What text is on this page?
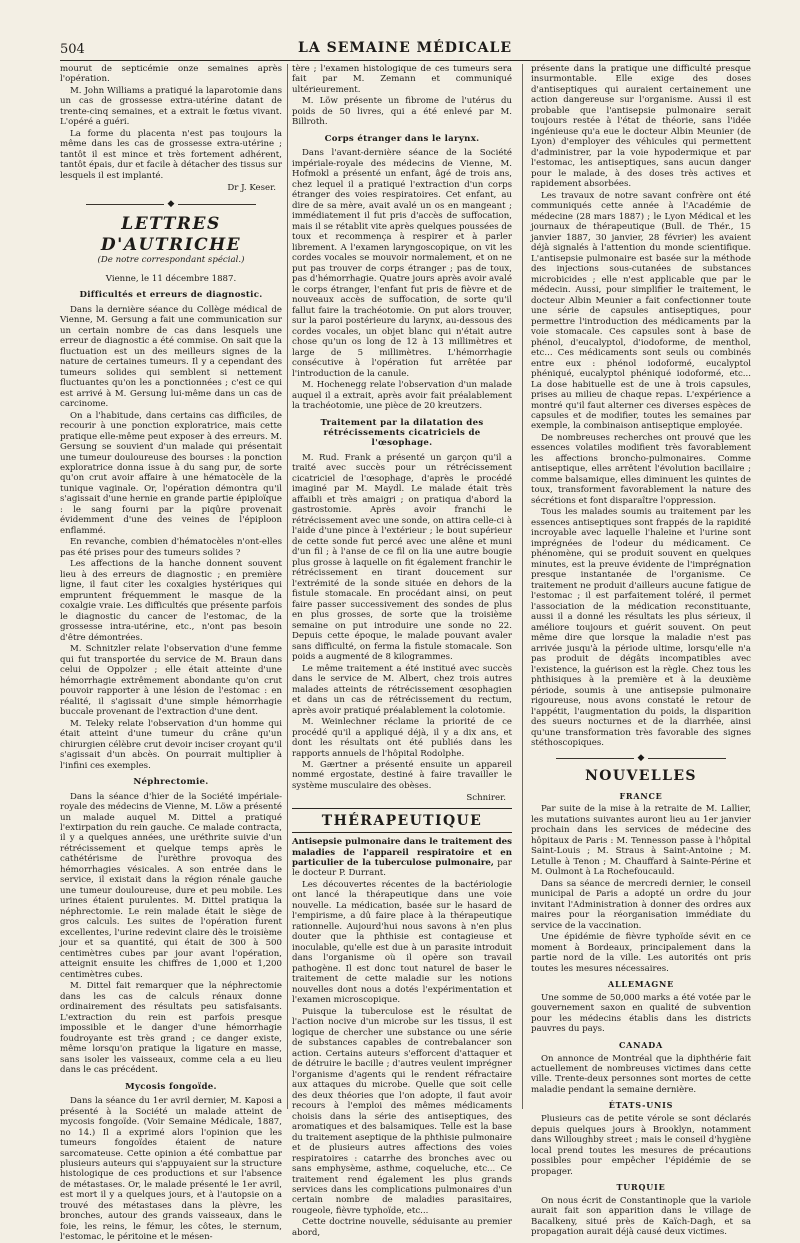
504	LA SEMAINE MÉDICALE

mourut de septicémie onze semaines après l'opération.

M. John Williams a pratiqué la laparotomie dans un cas de grossesse extra-utérine datant de trente-cinq semaines, et a extrait le fœtus vivant. L'opéré a guéri.

La forme du placenta n'est pas toujours la même dans les cas de grossesse extra-utérine ; tantôt il est mince et très fortement adhérent, tantôt épais, dur et facile à détacher des tissus sur lesquels il est implanté.

Dr J. Keser.
◆
LETTRES D'AUTRICHE
(De notre correspondant spécial.)
Vienne, le 11 décembre 1887.
Difficultés et erreurs de diagnostic.

Dans la dernière séance du Collège médical de Vienne, M. Gersung a fait une communication sur un certain nombre de cas dans lesquels une erreur de diagnostic a été commise. On sait que la fluctuation est un des meilleurs signes de la nature de certaines tumeurs. Il y a cependant des tumeurs solides qui semblent si nettement fluctuantes qu'on les a ponctionnées ; c'est ce qui est arrivé à M. Gersung lui-même dans un cas de carcinome.

On a l'habitude, dans certains cas difficiles, de recourir à une ponction exploratrice, mais cette pratique elle-même peut exposer à des erreurs. M. Gersung se souvient d'un malade qui présentait une tumeur douloureuse des bourses : la ponction exploratrice donna issue à du sang pur, de sorte qu'on crut avoir affaire à une hématocèle de la tunique vaginale. Or, l'opération démontra qu'il s'agissait d'une hernie en grande partie épiploïque : le sang fourni par la piqûre provenait évidemment d'une des veines de l'épiploon enflammé.

En revanche, combien d'hématocèles n'ont-elles pas été prises pour des tumeurs solides ?

Les affections de la hanche donnent souvent lieu à des erreurs de diagnostic ; en première ligne, il faut citer les coxalgies hystériques qui empruntent fréquemment le masque de la coxalgie vraie. Les difficultés que présente parfois le diagnostic du cancer de l'estomac, de la grossesse intra-utérine, etc., n'ont pas besoin d'être démontrées.

M. Schnitzler relate l'observation d'une femme qui fut transportée du service de M. Braun dans celui de Oppolzer ; elle était atteinte d'une hémorrhagie extrêmement abondante qu'on crut pouvoir rapporter à une lésion de l'estomac : en réalité, il s'agissait d'une simple hémorrhagie buccale provenant de l'extraction d'une dent.

M. Teleky relate l'observation d'un homme qui était atteint d'une tumeur du crâne qu'un chirurgien célèbre crut devoir inciser croyant qu'il s'agissait d'un abcès. On pourrait multiplier à l'infini ces exemples.

Néphrectomie.

Dans la séance d'hier de la Société impériale-royale des médecins de Vienne, M. Löw a présenté un malade auquel M. Dittel a pratiqué l'extirpation du rein gauche. Ce malade contracta, il y a quelques années, une uréthrite suivie d'un rétrécissement et quelque temps après le cathétérisme de l'urèthre provoqua des hémorrhagies vésicales. A son entrée dans le service, il existait dans la région rénale gauche une tumeur douloureuse, dure et peu mobile. Les urines étaient purulentes. M. Dittel pratiqua la néphrectomie. Le rein malade était le siège de gros calculs. Les suites de l'opération furent excellentes, l'urine redevint claire dès le troisième jour et sa quantité, qui était de 300 à 500 centimètres cubes par jour avant l'opération, atteignit ensuite les chiffres de 1,000 et 1,200 centimètres cubes.

M. Dittel fait remarquer que la néphrectomie dans les cas de calculs rénaux donne ordinairement des résultats peu satisfaisants. L'extraction du rein est parfois presque impossible et le danger d'une hémorrhagie foudroyante est très grand ; ce danger existe, même lorsqu'on pratique la ligature en masse, sans isoler les vaisseaux, comme cela a eu lieu dans le cas précédent.

Mycosis fongoïde.

Dans la séance du 1er avril dernier, M. Kaposi a présenté à la Société un malade atteint de mycosis fongoïde. (Voir Semaine Médicale, 1887, no 14.) Il a exprimé alors l'opinion que les tumeurs fongoïdes étaient de nature sarcomateuse. Cette opinion a été combattue par plusieurs auteurs qui s'appuyaient sur la structure histologique de ces productions et sur l'absence de métastases. Or, le malade présenté le 1er avril, est mort il y a quelques jours, et à l'autopsie on a trouvé des métastases dans la plèvre, les bronches, autour des grands vaisseaux, dans le foie, les reins, le fémur, les côtes, le sternum, l'estomac, le péritoine et le mésen-

tère ; l'examen histologique de ces tumeurs sera fait par M. Zemann et communiqué ultérieurement.

M. Löw présente un fibrome de l'utérus du poids de 50 livres, qui a été enlevé par M. Billroth.

Corps étranger dans le larynx.

Dans l'avant-dernière séance de la Société impériale-royale des médecins de Vienne, M. Hofmokl a présenté un enfant, âgé de trois ans, chez lequel il a pratiqué l'extraction d'un corps étranger des voies respiratoires. Cet enfant, au dire de sa mère, avait avalé un os en mangeant ; immédiatement il fut pris d'accès de suffocation, mais il se rétablit vite après quelques poussées de toux et recommença à respirer et à parler librement. A l'examen laryngoscopique, on vit les cordes vocales se mouvoir normalement, et on ne put pas trouver de corps étranger ; pas de toux, pas d'hémorrhagie. Quatre jours après avoir avalé le corps étranger, l'enfant fut pris de fièvre et de nouveaux accès de suffocation, de sorte qu'il fallut faire la trachéotomie. On put alors trouver, sur la paroi postérieure du larynx, au-dessous des cordes vocales, un objet blanc qui n'était autre chose qu'un os long de 12 à 13 millimètres et large de 5 millimètres. L'hémorrhagie consécutive à l'opération fut arrêtée par l'introduction de la canule.

M. Hochenegg relate l'observation d'un malade auquel il a extrait, après avoir fait préalablement la trachéotomie, une pièce de 20 kreutzers.

Traitement par la dilatation des rétrécissements cicatriciels de l'œsophage.

M. Rud. Frank a présenté un garçon qu'il a traité avec succès pour un rétrécissement cicatriciel de l'œsophage, d'après le procédé imaginé par M. Maydl. Le malade était très affaibli et très amaigri ; on pratiqua d'abord la gastrostomie. Après avoir franchi le rétrécissement avec une sonde, on attira celle-ci à l'aide d'une pince à l'extérieur ; le bout supérieur de cette sonde fut percé avec une alêne et muni d'un fil ; à l'anse de ce fil on lia une autre bougie plus grosse à laquelle on fit également franchir le rétrécissement en tirant doucement sur l'extrémité de la sonde située en dehors de la fistule stomacale. En procédant ainsi, on peut faire passer successivement des sondes de plus en plus grosses, de sorte que la troisième semaine on put introduire une sonde no 22. Depuis cette époque, le malade pouvant avaler sans difficulté, on ferma la fistule stomacale. Son poids a augmenté de 8 kilogrammes.

Le même traitement a été institué avec succès dans le service de M. Albert, chez trois autres malades atteints de rétrécissement œsophagien et dans un cas de rétrécissement du rectum, après avoir pratiqué préalablement la colotomie.

M. Weinlechner réclame la priorité de ce procédé qu'il a appliqué déjà, il y a dix ans, et dont les résultats ont été publiés dans les rapports annuels de l'hôpital Rodolphe.

M. Gærtner a présenté ensuite un appareil nommé ergostate, destiné à faire travailler le système musculaire des obèses.

Schnirer.
THÉRAPEUTIQUE

Antisepsie pulmonaire dans le traitement des maladies de l'appareil respiratoire et en particulier de la tuberculose pulmonaire, par le docteur P. Durrant.

Les découvertes récentes de la bactériologie ont lancé la thérapeutique dans une voie nouvelle. La médication, basée sur le hasard de l'empirisme, a dû faire place à la thérapeutique rationnelle. Aujourd'hui nous savons à n'en plus douter que la phthisie est contagieuse et inoculable, qu'elle est due à un parasite introduit dans l'organisme où il opère son travail pathogène. Il est donc tout naturel de baser le traitement de cette maladie sur les notions nouvelles dont nous a dotés l'expérimentation et l'examen microscopique.

Puisque la tuberculose est le résultat de l'action nocive d'un microbe sur les tissus, il est logique de chercher une substance ou une série de substances capables de contrebalancer son action. Certains auteurs s'efforcent d'attaquer et de détruire le bacille ; d'autres veulent imprégner l'organisme d'agents qui le rendent réfractaire aux attaques du microbe. Quelle que soit celle des deux théories que l'on adopte, il faut avoir recours à l'emploi des mêmes médicaments choisis dans la série des antiseptiques, des aromatiques et des balsamiques. Telle est la base du traitement aseptique de la phthisie pulmonaire et de plusieurs autres affections des voies respiratoires : catarrhe des bronches avec ou sans emphysème, asthme, coqueluche, etc... Ce traitement rend également les plus grands services dans les complications pulmonaires d'un certain nombre de maladies parasitaires, rougeole, fièvre typhoïde, etc...

Cette doctrine nouvelle, séduisante au premier abord,

présente dans la pratique une difficulté presque insurmontable. Elle exige des doses d'antiseptiques qui auraient certainement une action dangereuse sur l'organisme. Aussi il est probable que l'antisepsie pulmonaire serait toujours restée à l'état de théorie, sans l'idée ingénieuse qu'a eue le docteur Albin Meunier (de Lyon) d'employer des véhicules qui permettent d'administrer, par la voie hypodermique et par l'estomac, les antiseptiques, sans aucun danger pour le malade, à des doses très actives et rapidement absorbées.

Les travaux de notre savant confrère ont été communiqués cette année à l'Académie de médecine (28 mars 1887) ; le Lyon Médical et les journaux de thérapeutique (Bull. de Thér., 15 janvier 1887, 30 janvier, 28 février) les avaient déjà signalés à l'attention du monde scientifique. L'antisepsie pulmonaire est basée sur la méthode des injections sous-cutanées de substances microbicides ; elle n'est applicable que par le médecin. Aussi, pour simplifier le traitement, le docteur Albin Meunier a fait confectionner toute une série de capsules antiseptiques, pour permettre l'introduction des médicaments par la voie stomacale. Ces capsules sont à base de phénol, d'eucalyptol, d'iodoforme, de menthol, etc... Ces médicaments sont seuls ou combinés entre eux : phénol iodoformé, eucalyptol phéniqué, eucalyptol phéniqué iodoformé, etc... La dose habituelle est de une à trois capsules, prises au milieu de chaque repas. L'expérience a montré qu'il faut alterner ces diverses espèces de capsules et de modifier, toutes les semaines par exemple, la combinaison antiseptique employée.

De nombreuses recherches ont prouvé que les essences volatiles modifient très favorablement les affections broncho-pulmonaires. Comme antiseptique, elles arrêtent l'évolution bacillaire ; comme balsamique, elles diminuent les quintes de toux, transforment favorablement la nature des sécrétions et font disparaître l'oppression.

Tous les malades soumis au traitement par les essences antiseptiques sont frappés de la rapidité incroyable avec laquelle l'haleine et l'urine sont imprégnées de l'odeur du médicament. Ce phénomène, qui se produit souvent en quelques minutes, est la preuve évidente de l'imprégnation presque instantanée de l'organisme. Ce traitement ne produit d'ailleurs aucune fatigue de l'estomac ; il est parfaitement toléré, il permet l'association de la médication reconstituante, aussi il a donné les résultats les plus sérieux, il améliore toujours et guérit souvent. On peut même dire que lorsque la maladie n'est pas arrivée jusqu'à la période ultime, lorsqu'elle n'a pas produit de dégâts incompatibles avec l'existence, la guérison est la règle. Chez tous les phthisiques à la première et à la deuxième période, soumis à une antisepsie pulmonaire rigoureuse, nous avons constaté le retour de l'appétit, l'augmentation du poids, la disparition des sueurs nocturnes et de la diarrhée, ainsi qu'une transformation très favorable des signes stéthoscopiques.

◆
NOUVELLES
FRANCE

Par suite de la mise à la retraite de M. Lallier, les mutations suivantes auront lieu au 1er janvier prochain dans les services de médecine des hôpitaux de Paris : M. Tennesson passe à l'hôpital Saint-Louis ; M. Straus à Saint-Antoine ; M. Letulle à Tenon ; M. Chauffard à Sainte-Périne et M. Oulmont à La Rochefoucauld.

Dans sa séance de mercredi dernier, le conseil municipal de Paris a adopté un ordre du jour invitant l'Administration à donner des ordres aux maires pour la réorganisation immédiate du service de la vaccination.

Une épidémie de fièvre typhoïde sévit en ce moment à Bordeaux, principalement dans la partie nord de la ville. Les autorités ont pris toutes les mesures nécessaires.

ALLEMAGNE

Une somme de 50,000 marks a été votée par le gouvernement saxon en qualité de subvention pour les médecins établis dans les districts pauvres du pays.

CANADA

On annonce de Montréal que la diphthérie fait actuellement de nombreuses victimes dans cette ville. Trente-deux personnes sont mortes de cette maladie pendant la semaine dernière.

ÉTATS-UNIS

Plusieurs cas de petite vérole se sont déclarés depuis quelques jours à Brooklyn, notamment dans Willoughby street ; mais le conseil d'hygiène local prend toutes les mesures de précautions possibles pour empêcher l'épidémie de se propager.

TURQUIE

On nous écrit de Constantinople que la variole aurait fait son apparition dans le village de Bacalkeny, situé près de Kaïch-Dagh, et sa propagation aurait déjà causé deux victimes.
